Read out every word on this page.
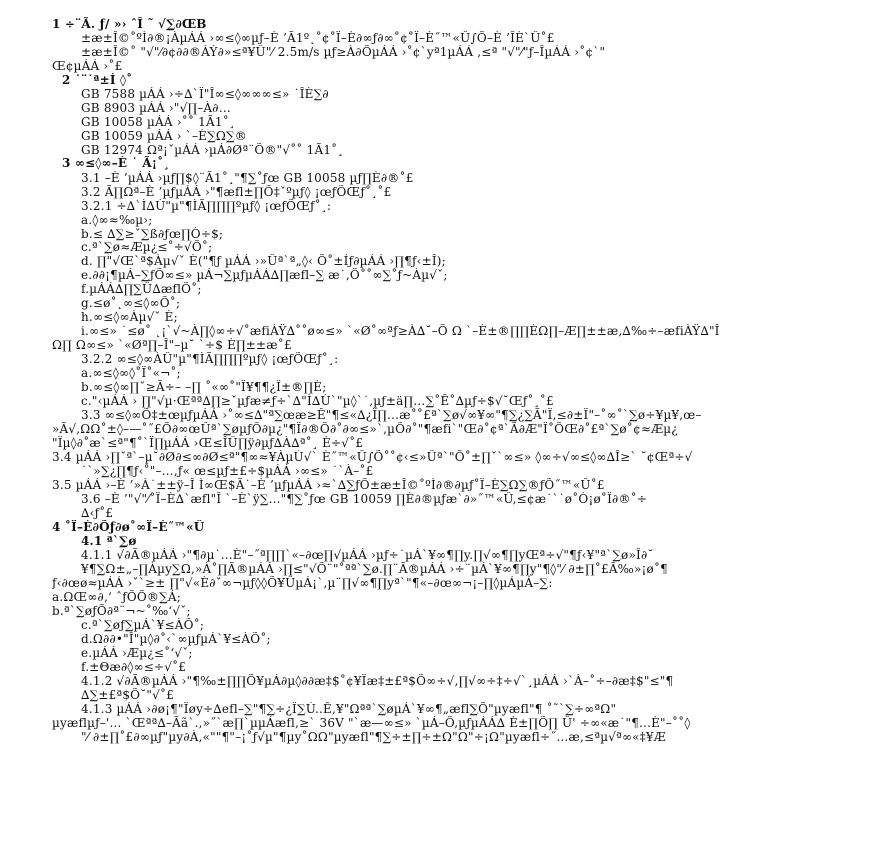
1 ÷¨Ã. ƒ/ »› ˆÎ ˜ √∑∂ŒB
±æ±Î©˚ºÌ∂®¡ÀµÁÁ ›∞≤◊∞µƒ–È ’Ã1º˛˚¢˚Ï–È∂∞ƒ∂∞˚¢˚Ï–È˝™«Û∫Õ–È ’ÎÈ`Û˚£
±æ±Î©˚ "√"⁄∂¢∂∂®ÀÝ∂»≤ª¥Û"⁄ 2.5m/s µƒ≥À∂ÕµÁÁ ›˚¢`yª1µÁÁ ,≤ª "√"⁄"ƒ–ÎµÁÁ ›˚¢`"
Œ¢µÁÁ ›˚£
2 ˙¨˙ª±Í ◊˚
GB 7588 µÁÁ ›÷∆`Ï"Î∞≤◊∞∞∞≤» ˙ÎÈ∑∂
GB 8903 µÁÁ ›"√∏–À∂…
GB 10058 µÁÁ ›˚˚ 1Ã1˚¸
GB 10059 µÁÁ › `–È∑Ω∑®
GB 12974 Ωª¡ˇµÁÁ ›µÁ∂Øª¨Õ®"√˚˚ 1Ã1˚¸
3 ∞≤◊∞–È ˙ Ã¡˚¸
3.1 –È ’µÁÁ ›µƒ∏$◊¨Ã1˚¸"¶∑˚ƒœ GB 10058 µƒ∏È∂®˚£
3.2 Ã∏Ωª–È ’µƒµÁÁ ›"¶æfl±∏Õ‡ˇºµƒ◊ ¡œƒÕŒƒ˚¸˚£
3.2.1 ÷∆`Ì∆Ù"µ"¶ÌÃ∏∏∏ºµƒ◊ ¡œƒÕŒƒ˚¸:
a.◊∞≈‰µ›;
b.≤ ∆∑≥ˇ∑ß∂ƒœ∏Ò÷$;
c.ª`∑ø≈Æµ¿≤˚÷√Õ˚;
d. ∏"√Œ`ª$Àµ√ˇ È("¶ƒ µÁÁ ›»Ûª`ª„◊‹ Õ˚±Íƒ∂µÁÁ ›∏¶ƒ‹±Î);
e.∂∂¡¶µÁ–∑ƒÕ∞≤» µÁ¬∑µƒµÁÁ∆∏æfl–∑ æ˙,Õ˚˚∞∑˚ƒ~Àµ√ˇ;
f.µÁÁ∆∏∑Û∆æflÕ˚;
g.≤ø˚˛∞≤◊∞Õ˚;
h.∞≤◊∞Àµ√ˇ È;
i.∞≤» ˙≤ø˚ ˛¡`√~À∏◊∞÷√˚æfiÀŸ∆˚˚ø∞≤» `«Ø˚∞ªƒ≥À∆˘–Õ Ω `–È±®∏∏ÈΩ∏–Æ∏±±æ,∆‰÷–æfiÀŸ∆"Î
Ω∏ Ω∞≤» `«Øª∏–Î"–µ˘ `÷$ È∏±±æ˚£
3.2.2 ∞≤◊∞ÀÛ"µ"¶ÌÃ∏∏∏ºµƒ◊ ¡œƒÕŒƒ˚¸:
a.∞≤◊∞◊˚Ï˚«¬˚;
b.∞≤◊∞∏ˇ≥Ã÷– –∏ ˚«∞˚"Ï¥¶¶¿Ï±®∏È;
c."‹µÁÁ › ∏"√µ·Œªª∆∏≥ˇµƒæ≠ƒ÷`∆"Ì∆Ù`"µ◊`˙,µƒ±ä∏…∑˚Ê˚∆µƒ÷$√˘Œƒ˚¸˚£
3.3 ∞≤◊∞Õ‡±œµƒµÁÁ ›˚∞≤∆"ª∑œæ≥Ê"¶≤«∆¿Ï∏…æ˚˚£ª`∑ø√∞¥∞"¶∑¿∑Ã"Ï,≤∂±Ï"–˚∞˚`∑ø÷¥µ¥,œ–
»Ã√,ΩΩ˚±◊–—˚˝£Õ∂∞œÛª`∑øµƒÕ∂µ¿"¶Ï∂®Õ∂˚∂∞≤»`,µÕ∂˚"¶æfi`"Œ∂˚¢ª`Ã∂Æ"Ï˚ÕŒ∂˚£ª`∑ø˚¢≈Æµ¿
"Ïµ◊∂˚æ`≤ª"¶˚`Ï∏µÁÁ ›Œ≤ÎÛ∏ÿ∂µƒ∆À∆ª˚¸ È÷√˚£
3.4 µÁÁ ›∏ˇª`–µ˘∂Ø∂≤∞∂Ø≤ª"¶∞≈¥ÀµÙ√` È˝™«Û∫Õ˚˚¢‹≤»Ûª`"Õ˚±∏ˇ`∞≤» ◊∞÷√∞≤◊∞∆Î≥` ˘¢Œª÷√
˙`»∑¿∏¶ƒ‹˚"–…,ƒ« œ≤µƒ±£÷$µÁÁ ›∞≤» ˙`À–˚£
3.5 µÁÁ ›–È ’»À˙±±ÿ–Î Ì∞Œ$Ã˙–È ’µƒµÁÁ ›≈`∆∑ƒÕ±æ±Î©˚ºÌ∂®∂µƒ˚Ï–È∑Ω∑®ƒÕ˝™«Û˚£
3.6 –È ’"√"⁄˚Ï–È∆`æfl"Î `–È`ÿ∑..."¶∑˚ƒœ GB 10059 ∏È∂®µƒæ`∂»˝™«Û,≤¢æ˙`˙ø˚Ò¡ø˚Ï∂®˚÷
∆‹ƒ˚£
4 ˚Ï–È∂Õƒ∂ø˚∞Ï–È˝™«Û
4.1 ª`∑ø
4.1.1 √∂Ã®µÁÁ ›"¶∂µ˙...È"–˝ª∏∏`«–∂œ∏√µÁÁ ›µƒ÷˙µÁ`¥∞¶∏y.∏√∞¶∏yŒª÷√"¶ƒ‹¥"ª`∑ø»Î∂˘
¥¶∑Ω±„–∏Àµy∑Ω,»À˚∏Ã®µÁÁ ›∏≤"√Õ¨"˚ªª`∑ø.∏¨Ã®µÁÁ ›÷¨µÁ`¥∞¶∏y"¶◊"⁄ ∂±∏˚£Ã‰»¡ø˚¶
ƒ‹∂œø≈µÁÁ ›ˇ`≥± ∏"√«È∂ˇ∞¬µƒ◊◊Õ¥ÛµÁ¡`,µ¨∏√∞¶∏yª`"¶«–∂œ∞¬¡–∏◊µÁµÁ–∑:
a.ΩŒ∞∂‚‘ ˆƒÕÕ®∑Á;
b.ª`∑øƒÕ∂ª¨¬~˚‰‘√ˇ;
c.ª`∑øƒ∑µÁ`¥≤ÀÕ˚;
d.Ω∂∂•"Î"µ◊∂˚‹`∞µƒµÁ`¥≤ÀÕ˚;
e.µÁÁ ›Æµ¿≤˚‘√ˇ;
f.±Θæ∂◊∞≤÷√˚£
4.1.2 √∂Ã®µÁÁ ›"¶‰±∏∏Õ¥µÁ∂µ◊∂∂æ‡$˚¢¥Ïæ‡±£ª$Õ∞÷√,∏√∞÷‡÷√`¸µÁÁ ›`À–˚÷–∂æ‡$"≤"¶
∆∑±£ª$Õ˘"√˚£
4.1.3 µÁÁ ›∂ø¡¶"Ïøy÷∆efl–∑"¶∑÷¿Ï∑Ú..Ê,¥"Ωªª`∑øµÁ`¥∞¶„æfl∑Õ"µyæfl"¶ ˚˜`∑÷∞ªΩ"
µyæflµƒ–'... `Œªª∆–Ãã`.,»˝`æ∏`µµÁæfl,≥` 36V "`æ—∞≤» `µÁ–Õ,µƒµÁÁ∆ È±∏Õ∏ Û' ÷∞«æ˙"¶...È"–˚˚◊
"⁄ ∂±∏˚£∂∞µƒ"µy∂À,«""¶"–¡˚ƒ√µ"¶µy˚ΩΩ"µyæfl"¶∑÷±∏÷±Ω"Ω"÷¡Ω"µyæfl÷˝...æ,≤ªµ√ª∞«‡¥Æ
